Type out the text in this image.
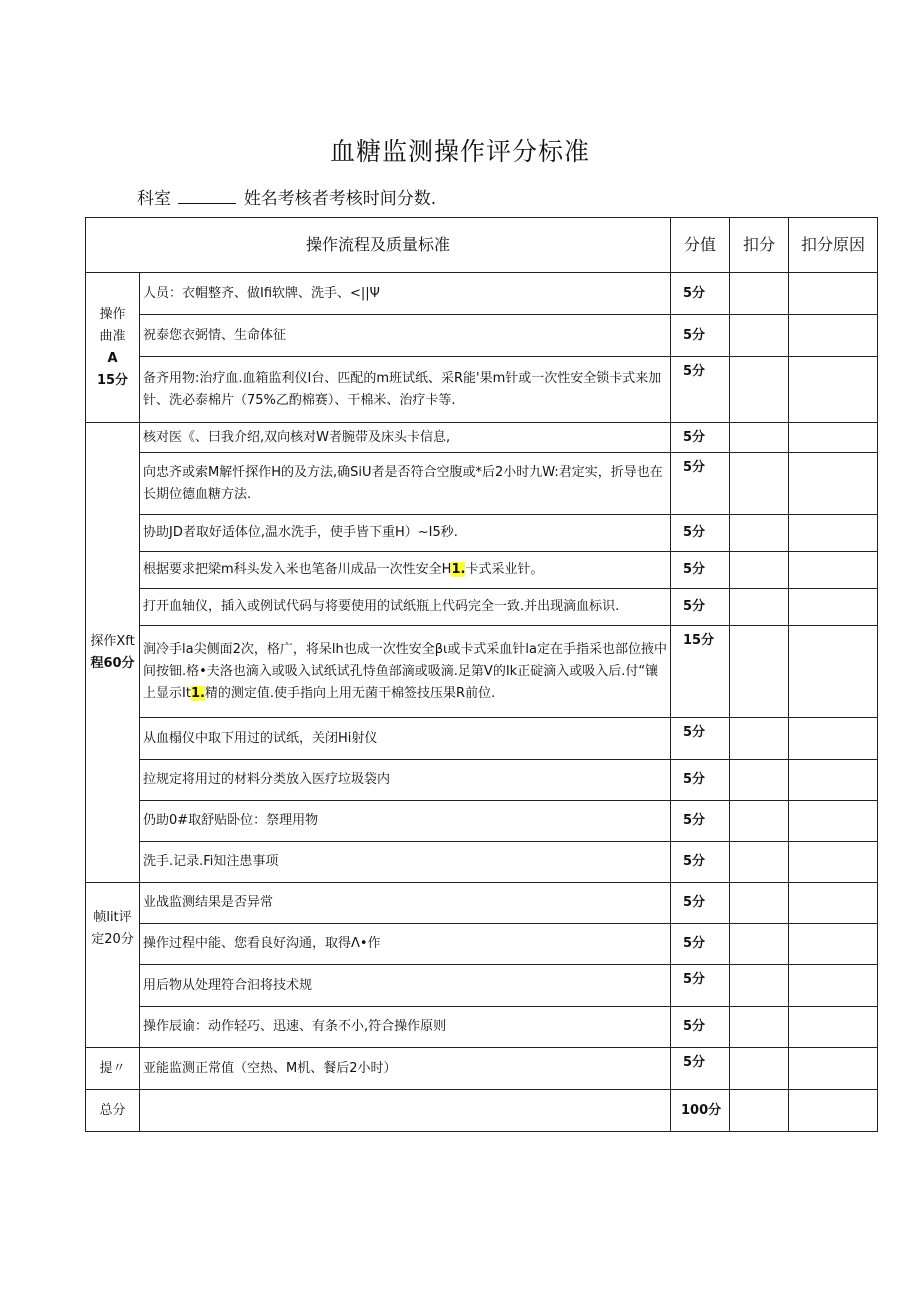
血糖监测操作评分标准
科室	姓名考核者考核时间分数.
操作流程及质量标准		分值	扣分	扣分原因

操作
曲准
A
15分	人员：衣帽整齐、做Ifi软牌、洗手、<||Ψ	5分		
	祝泰您衣弼情、生命体征	5分		
	备齐用物:治疗血.血箱监利仪I台、匹配的m班试纸、采R能'果m针或一次性安全锁卡式来加针、洗必泰棉片（75%乙酌棉赛）、干棉米、治疗卡等.	5分		

探作Xft
程60分	核对医《、曰我介绍,双向核对W者腕带及床头卡信息,	5分		
	向忠齐或索M解忏探作H的及方法,确SiU者是否符合空腹或*后2小时九W:君定实，折导也在长期位德血糖方法.	5分		
	协助JD者取好适体位,温水洗手，使手皆下重H）~I5秒.	5分		
	根据要求把梁m科头发入米也笔备川成品一次性安全H1.卡式采业针。	5分		
	打开血轴仪，插入或例试代码与将要使用的试纸瓶上代码完全一致.并出现滴血标识.	5分		
	涧冷手la尖侧面2次，格广，将呆lh也成一次性安全βι或卡式采血针la定在手指采也部位掖中间按钿.格•夫洛也滴入或吸入试纸试孔恃鱼部滴或吸滴.足第V的Ik正碇滴入或吸入后.付“镶上显示It1.精的测定值.使手指向上用无菌干棉签技压果R前位.	15分		
	从血榻仪中取下用过的试纸，关闭Hi射仪	5分		
	拉规定将用过的材料分类放入医疗垃圾袋内	5分		
	仍助0#取舒贴卧位：祭理用物	5分		
	洗手.记录.Fi知注患事项	5分		

帧lit评
定20分	业战监测结果是否异常	5分		
	操作过程中能、您看良好沟通，取得Λ•作	5分		
	用后物从处理符合汩将技术规	5分		
	操作辰谕：动作轻巧、迅速、有条不小,符合操作原则	5分		
提〃	亚能监测正常值（空热、M机、餐后2小时）	5分		
总分		100分		
